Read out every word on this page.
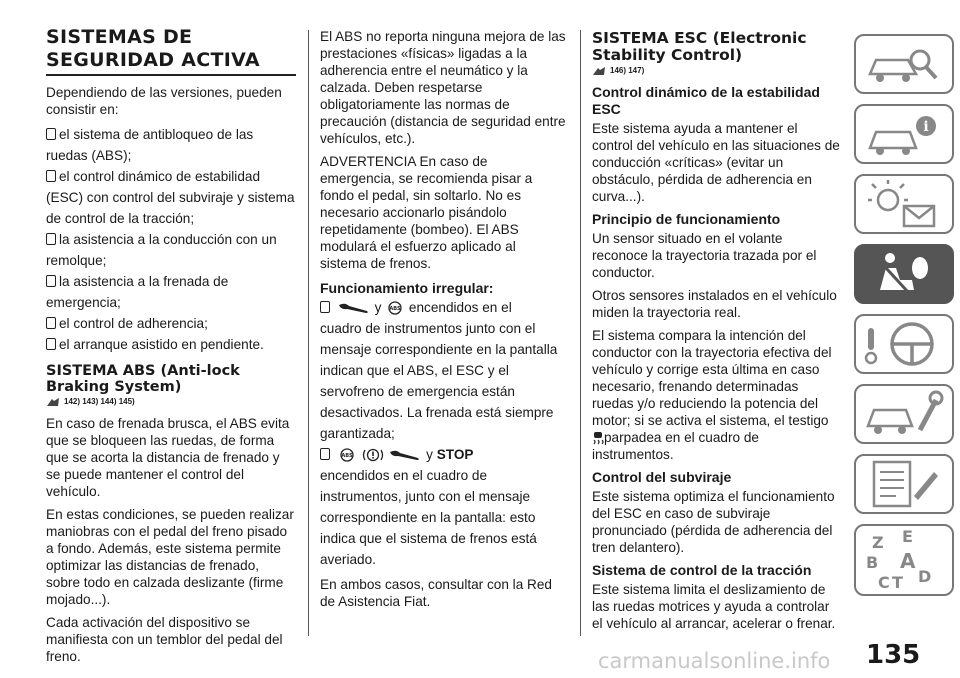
SISTEMAS DE
SEGURIDAD ACTIVA

Dependiendo de las versiones, pueden consistir en:

el sistema de antibloqueo de las ruedas (ABS);
el control dinámico de estabilidad (ESC) con control del subviraje y sistema de control de la tracción;
la asistencia a la conducción con un remolque;
la asistencia a la frenada de emergencia;
el control de adherencia;
el arranque asistido en pendiente.
SISTEMA ABS (Anti-lock Braking System)
142) 143) 144) 145)

En caso de frenada brusca, el ABS evita que se bloqueen las ruedas, de forma que se acorta la distancia de frenado y se puede mantener el control del vehículo.

En estas condiciones, se pueden realizar maniobras con el pedal del freno pisado a fondo. Además, este sistema permite optimizar las distancias de frenado, sobre todo en calzada deslizante (firme mojado...).

Cada activación del dispositivo se manifiesta con un temblor del pedal del freno.

El ABS no reporta ninguna mejora de las prestaciones «físicas» ligadas a la adherencia entre el neumático y la calzada. Deben respetarse obligatoriamente las normas de precaución (distancia de seguridad entre vehículos, etc.).

ADVERTENCIA En caso de emergencia, se recomienda pisar a fondo el pedal, sin soltarlo. No es necesario accionarlo pisándolo repetidamente (bombeo). El ABS modulará el esfuerzo aplicado al sistema de frenos.

Funcionamiento irregular:
y ABS encendidos en el

cuadro de instrumentos junto con el mensaje correspondiente en la pantalla indican que el ABS, el ESC y el servofreno de emergencia están desactivados. La frenada está siempre garantizada;

ABS	y STOP

encendidos en el cuadro de instrumentos, junto con el mensaje correspondiente en la pantalla: esto indica que el sistema de frenos está averiado.

En ambos casos, consultar con la Red de Asistencia Fiat.

SISTEMA ESC (Electronic Stability Control)
146) 147)
Control dinámico de la estabilidad ESC

Este sistema ayuda a mantener el control del vehículo en las situaciones de conducción «críticas» (evitar un obstáculo, pérdida de adherencia en curva...).

Principio de funcionamiento

Un sensor situado en el volante reconoce la trayectoria trazada por el conductor.

Otros sensores instalados en el vehículo miden la trayectoria real.

El sistema compara la intención del conductor con la trayectoria efectiva del vehículo y corrige esta última en caso necesario, frenando determinadas ruedas y/o reduciendo la potencia del motor; si se activa el sistema, el testigo
parpadea en el cuadro de instrumentos.

Control del subviraje

Este sistema optimiza el funcionamiento del ESC en caso de subviraje pronunciado (pérdida de adherencia del tren delantero).

Sistema de control de la tracción

Este sistema limita el deslizamiento de las ruedas motrices y ayuda a controlar el vehículo al arrancar, acelerar o frenar.

i
Z E
B A
C T D
135
carmanualsonline.info
